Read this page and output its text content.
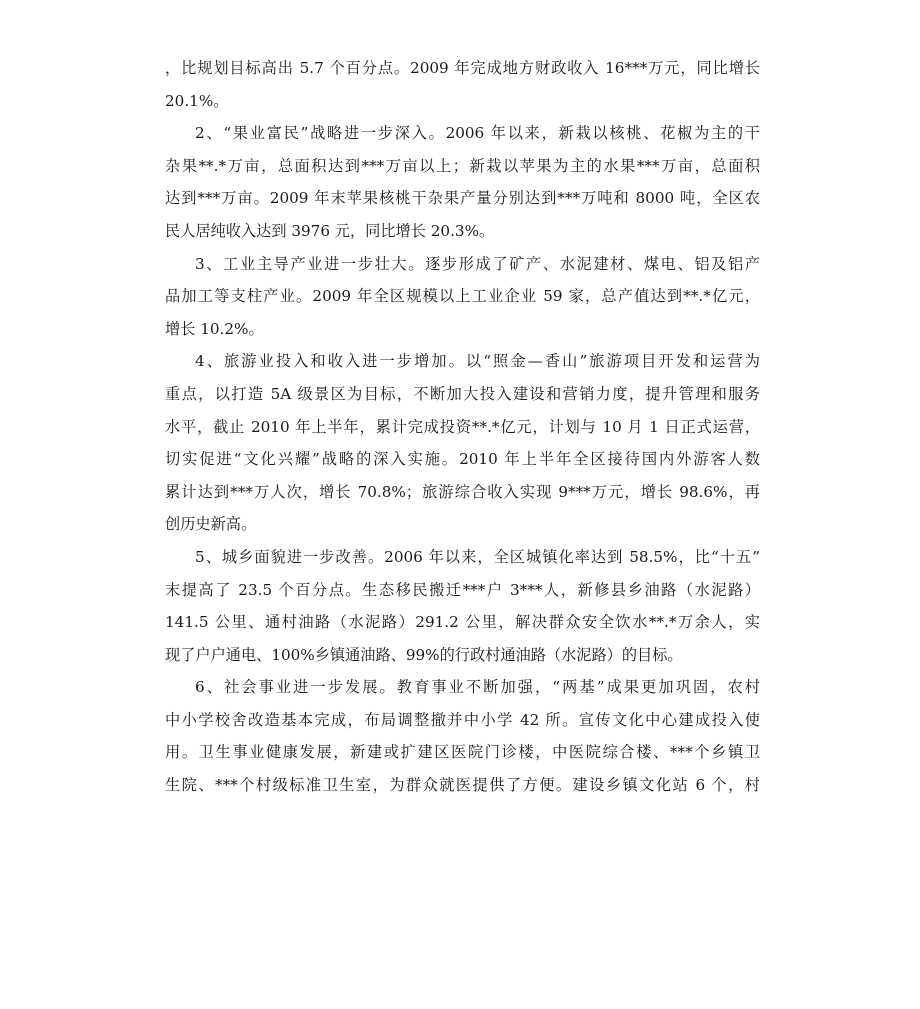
，比规划目标高出 5.7 个百分点。2009 年完成地方财政收入 16***万元，同比增长
20.1%。
2、“果业富民”战略进一步深入。2006 年以来，新栽以核桃、花椒为主的干
杂果**.*万亩，总面积达到***万亩以上；新栽以苹果为主的水果***万亩，总面积
达到***万亩。2009 年末苹果核桃干杂果产量分别达到***万吨和 8000 吨，全区农
民人居纯收入达到 3976 元，同比增长 20.3%。
3、工业主导产业进一步壮大。逐步形成了矿产、水泥建材、煤电、铝及铝产
品加工等支柱产业。2009 年全区规模以上工业企业 59 家，总产值达到**.*亿元，
增长 10.2%。
4、旅游业投入和收入进一步增加。以“照金—香山”旅游项目开发和运营为
重点，以打造 5A 级景区为目标，不断加大投入建设和营销力度，提升管理和服务
水平，截止 2010 年上半年，累计完成投资**.*亿元，计划与 10 月 1 日正式运营，
切实促进“文化兴耀”战略的深入实施。2010 年上半年全区接待国内外游客人数
累计达到***万人次，增长 70.8%；旅游综合收入实现 9***万元，增长 98.6%，再
创历史新高。
5、城乡面貌进一步改善。2006 年以来，全区城镇化率达到 58.5%，比“十五”
末提高了 23.5 个百分点。生态移民搬迁***户 3***人，新修县乡油路（水泥路）
141.5 公里、通村油路（水泥路）291.2 公里，解决群众安全饮水**.*万余人，实
现了户户通电、100%乡镇通油路、99%的行政村通油路（水泥路）的目标。
6、社会事业进一步发展。教育事业不断加强，“两基”成果更加巩固，农村
中小学校舍改造基本完成，布局调整撤并中小学 42 所。宣传文化中心建成投入使
用。卫生事业健康发展，新建或扩建区医院门诊楼，中医院综合楼、***个乡镇卫
生院、***个村级标准卫生室，为群众就医提供了方便。建设乡镇文化站 6 个，村
